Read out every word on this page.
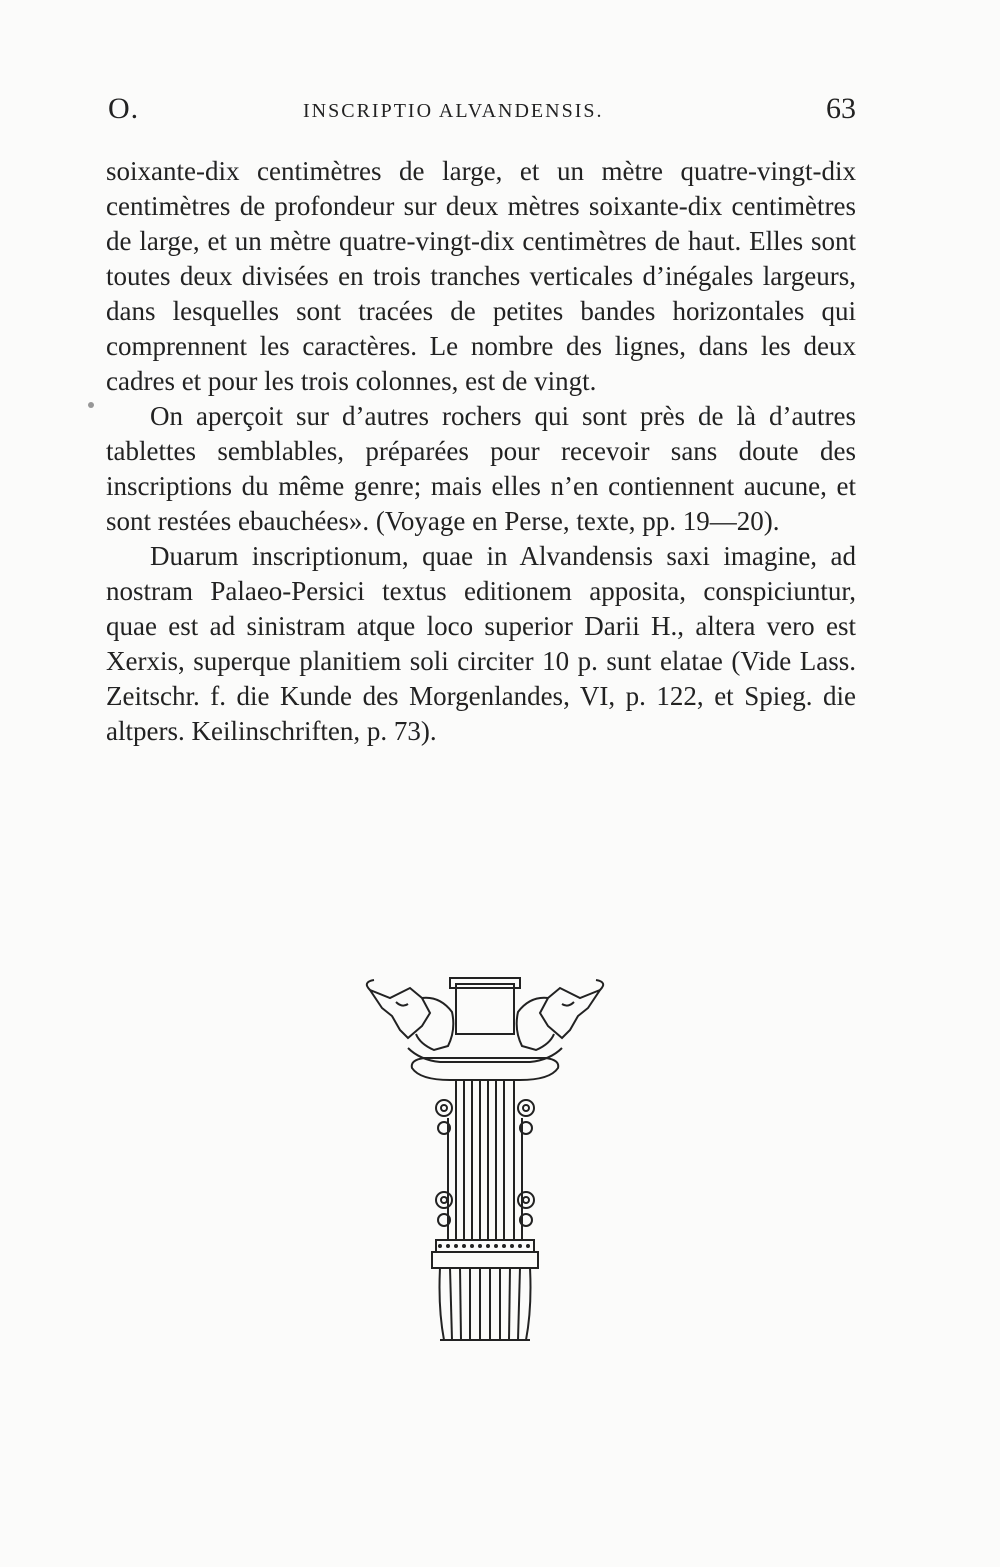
O.	INSCRIPTIO ALVANDENSIS.	63

soixante-dix centimètres de large, et un mètre quatre-vingt-dix centimètres de profondeur sur deux mètres soixante-dix centimètres de large, et un mètre quatre-vingt-dix centimètres de haut. Elles sont toutes deux divisées en trois tranches verticales d’inégales largeurs, dans lesquelles sont tracées de petites bandes horizontales qui comprennent les caractères. Le nombre des lignes, dans les deux cadres et pour les trois colonnes, est de vingt.

On aperçoit sur d’autres rochers qui sont près de là d’autres tablettes semblables, préparées pour recevoir sans doute des inscriptions du même genre; mais elles n’en contiennent aucune, et sont restées ebauchées». (Voyage en Perse, texte, pp. 19—20).

Duarum inscriptionum, quae in Alvandensis saxi imagine, ad nostram Palaeo-Persici textus editionem apposita, conspiciuntur, quae est ad sinistram atque loco superior Darii H., altera vero est Xerxis, superque planitiem soli circiter 10 p. sunt elatae (Vide Lass. Zeitschr. f. die Kunde des Morgenlandes, VI, p. 122, et Spieg. die altpers. Keilinschriften, p. 73).
